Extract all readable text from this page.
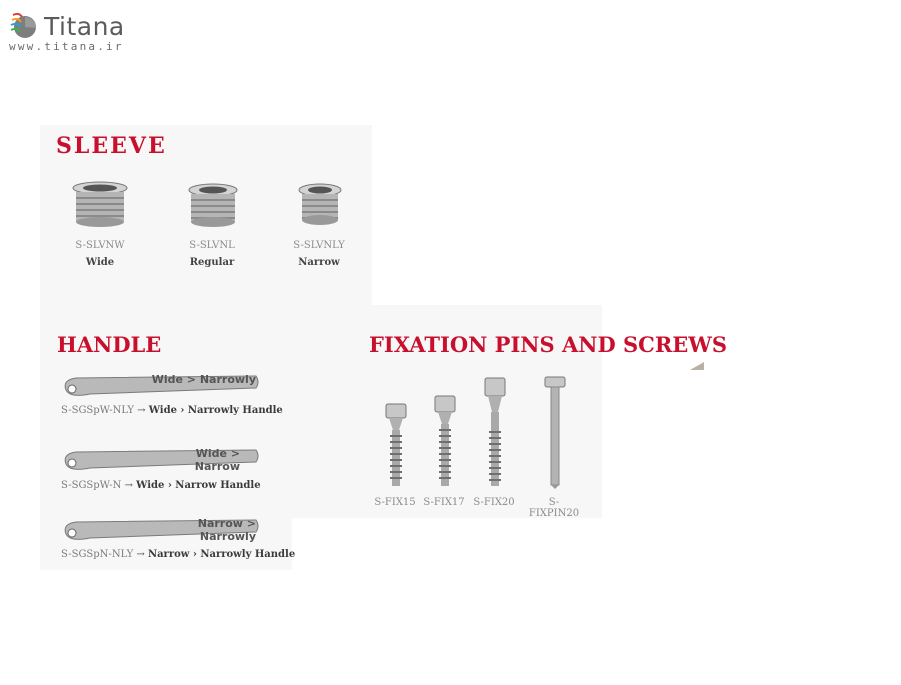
Titana
www.titana.ir
SLEEVE
S-SLVNW
Wide
S-SLVNL
Regular
S-SLVNLY
Narrow
HANDLE
Wide > Narrowly
S-SGSpW-NLY → Wide › Narrowly Handle
Wide > Narrow
S-SGSpW-N → Wide › Narrow Handle
Narrow > Narrowly
S-SGSpN-NLY → Narrow › Narrowly Handle
FIXATION PINS AND SCREWS
S-FIX15 S-FIX17 S-FIX20	S-FIXPIN20
